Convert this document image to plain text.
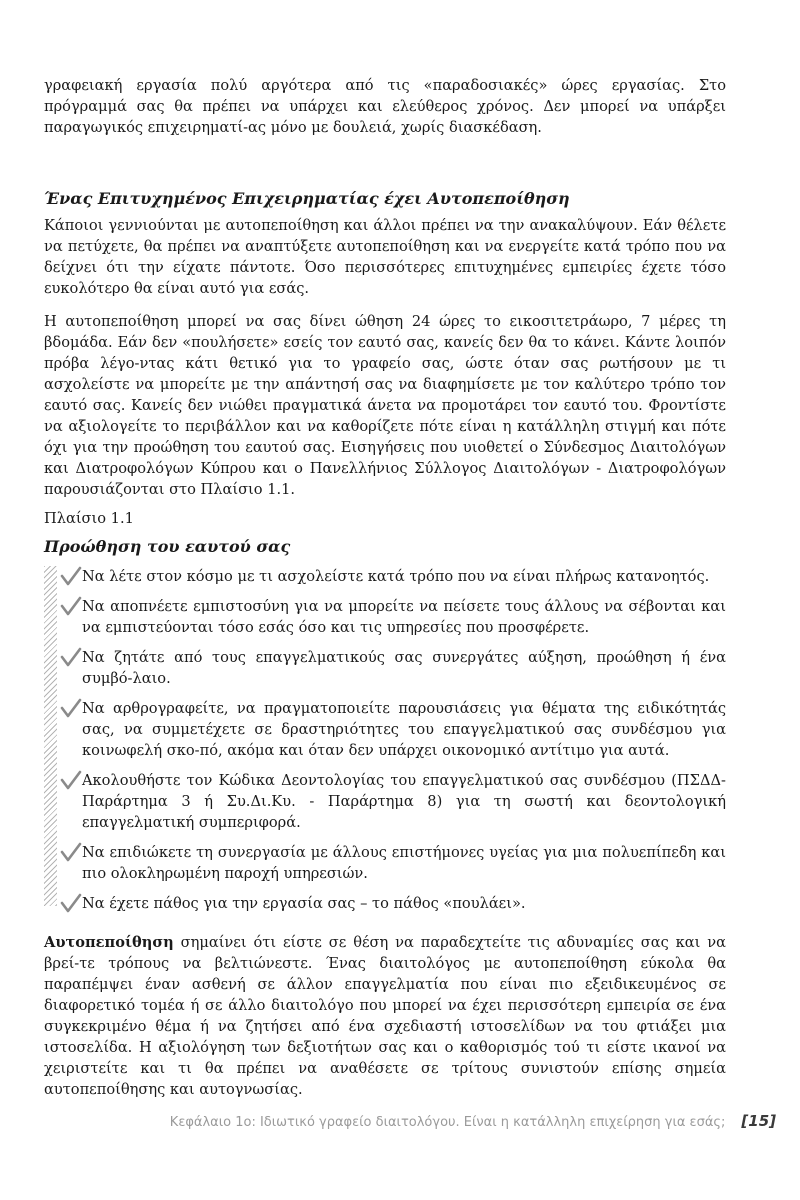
γραφειακή εργασία πολύ αργότερα από τις «παραδοσιακές» ώρες εργασίας. Στο πρόγραμμά σας θα πρέπει να υπάρχει και ελεύθερος χρόνος. Δεν μπορεί να υπάρξει παραγωγικός επιχειρηματί-ας μόνο με δουλειά, χωρίς διασκέδαση.

Ένας Επιτυχημένος Επιχειρηματίας έχει Αυτοπεποίθηση

Κάποιοι γεννιούνται με αυτοπεποίθηση και άλλοι πρέπει να την ανακαλύψουν. Εάν θέλετε να πετύχετε, θα πρέπει να αναπτύξετε αυτοπεποίθηση και να ενεργείτε κατά τρόπο που να δείχνει ότι την είχατε πάντοτε. Όσο περισσότερες επιτυχημένες εμπειρίες έχετε τόσο ευκολότερο θα είναι αυτό για εσάς.

Η αυτοπεποίθηση μπορεί να σας δίνει ώθηση 24 ώρες το εικοσιτετράωρο, 7 μέρες τη βδομάδα. Εάν δεν «πουλήσετε» εσείς τον εαυτό σας, κανείς δεν θα το κάνει. Κάντε λοιπόν πρόβα λέγο-ντας κάτι θετικό για το γραφείο σας, ώστε όταν σας ρωτήσουν με τι ασχολείστε να μπορείτε με την απάντησή σας να διαφημίσετε με τον καλύτερο τρόπο τον εαυτό σας. Κανείς δεν νιώθει πραγματικά άνετα να προμοτάρει τον εαυτό του. Φροντίστε να αξιολογείτε το περιβάλλον και να καθορίζετε πότε είναι η κατάλληλη στιγμή και πότε όχι για την προώθηση του εαυτού σας. Εισηγήσεις που υιοθετεί ο Σύνδεσμος Διαιτολόγων και Διατροφολόγων Κύπρου και ο Πανελλήνιος Σύλλογος Διαιτολόγων - Διατροφολόγων παρουσιάζονται στο Πλαίσιο 1.1.

Πλαίσιο 1.1
Προώθηση του εαυτού σας

Να λέτε στον κόσμο με τι ασχολείστε κατά τρόπο που να είναι πλήρως κατανοητός.

Να αποπνέετε εμπιστοσύνη για να μπορείτε να πείσετε τους άλλους να σέβονται και να εμπιστεύονται τόσο εσάς όσο και τις υπηρεσίες που προσφέρετε.

Να ζητάτε από τους επαγγελματικούς σας συνεργάτες αύξηση, προώθηση ή ένα συμβό-λαιο.

Να αρθρογραφείτε, να πραγματοποιείτε παρουσιάσεις για θέματα της ειδικότητάς σας, να συμμετέχετε σε δραστηριότητες του επαγγελματικού σας συνδέσμου για κοινωφελή σκο-πό, ακόμα και όταν δεν υπάρχει οικονομικό αντίτιμο για αυτά.

Ακολουθήστε τον Κώδικα Δεοντολογίας του επαγγελματικού σας συνδέσμου (ΠΣΔΔ-Παράρτημα 3 ή Συ.Δι.Κυ. - Παράρτημα 8) για τη σωστή και δεοντολογική επαγγελματική συμπεριφορά.

Να επιδιώκετε τη συνεργασία με άλλους επιστήμονες υγείας για μια πολυεπίπεδη και πιο ολοκληρωμένη παροχή υπηρεσιών.

Να έχετε πάθος για την εργασία σας – το πάθος «πουλάει».

Αυτοπεποίθηση σημαίνει ότι είστε σε θέση να παραδεχτείτε τις αδυναμίες σας και να βρεί-τε τρόπους να βελτιώνεστε. Ένας διαιτολόγος με αυτοπεποίθηση εύκολα θα παραπέμψει έναν ασθενή σε άλλον επαγγελματία που είναι πιο εξειδικευμένος σε διαφορετικό τομέα ή σε άλλο διαιτολόγο που μπορεί να έχει περισσότερη εμπειρία σε ένα συγκεκριμένο θέμα ή να ζητήσει από ένα σχεδιαστή ιστοσελίδων να του φτιάξει μια ιστοσελίδα. Η αξιολόγηση των δεξιοτήτων σας και ο καθορισμός τού τι είστε ικανοί να χειριστείτε και τι θα πρέπει να αναθέσετε σε τρίτους συνιστούν επίσης σημεία αυτοπεποίθησης και αυτογνωσίας.

Κεφάλαιο 1ο: Ιδιωτικό γραφείο διαιτολόγου. Είναι η κατάλληλη επιχείρηση για εσάς; [15]
